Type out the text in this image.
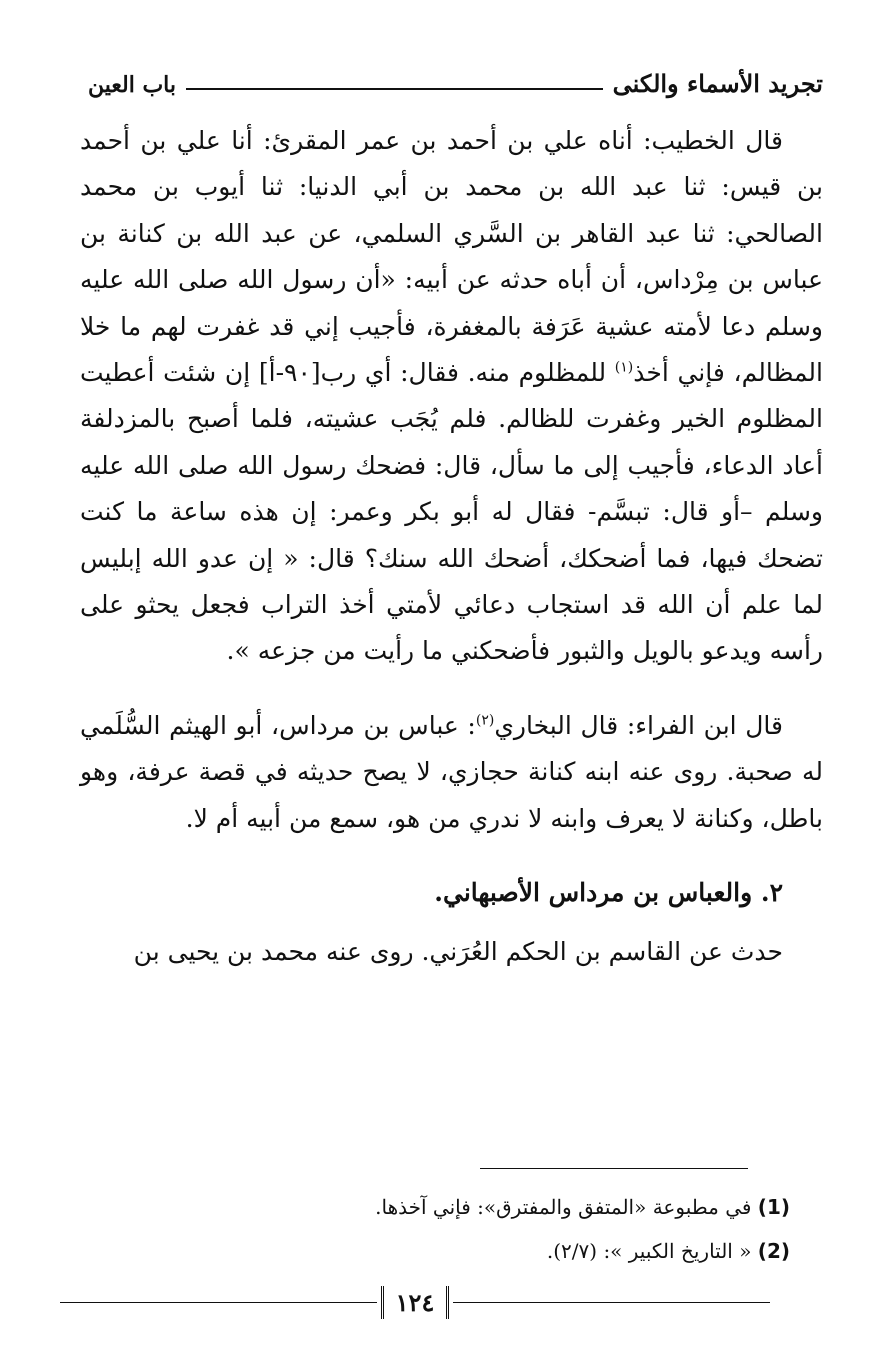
تجريد الأسماء والكنى
باب العين

قال الخطيب: أناه علي بن أحمد بن عمر المقرئ: أنا علي بن أحمد بن قيس: ثنا عبد الله بن محمد بن أبي الدنيا: ثنا أيوب بن محمد الصالحي: ثنا عبد القاهر بن السَّري السلمي، عن عبد الله بن كنانة بن عباس بن مِرْداس، أن أباه حدثه عن أبيه: «أن رسول الله صلى الله عليه وسلم دعا لأمته عشية عَرَفة بالمغفرة، فأجيب إني قد غفرت لهم ما خلا المظالم، فإني أخذ$^{(١)}$ للمظلوم منه. فقال: أي رب[٩٠-أ] إن شئت أعطيت المظلوم الخير وغفرت للظالم. فلم يُجَب عشيته، فلما أصبح بالمزدلفة أعاد الدعاء، فأجيب إلى ما سأل، قال: فضحك رسول الله صلى الله عليه وسلم –أو قال: تبسَّم- فقال له أبو بكر وعمر: إن هذه ساعة ما كنت تضحك فيها، فما أضحكك، أضحك الله سنك؟ قال: « إن عدو الله إبليس لما علم أن الله قد استجاب دعائي لأمتي أخذ التراب فجعل يحثو على رأسه ويدعو بالويل والثبور فأضحكني ما رأيت من جزعه ».

قال ابن الفراء: قال البخاري$^{(٢)}$: عباس بن مرداس، أبو الهيثم السُّلَمي له صحبة. روى عنه ابنه كنانة حجازي، لا يصح حديثه في قصة عرفة، وهو باطل، وكنانة لا يعرف وابنه لا ندري من هو، سمع من أبيه أم لا.

٢. والعباس بن مرداس الأصبهاني.

حدث عن القاسم بن الحكم العُرَني. روى عنه محمد بن يحيى بن

(1) في مطبوعة «المتفق والمفترق»: فإني آخذها.

(2) « التاريخ الكبير »: (٢/٧).

١٢٤
